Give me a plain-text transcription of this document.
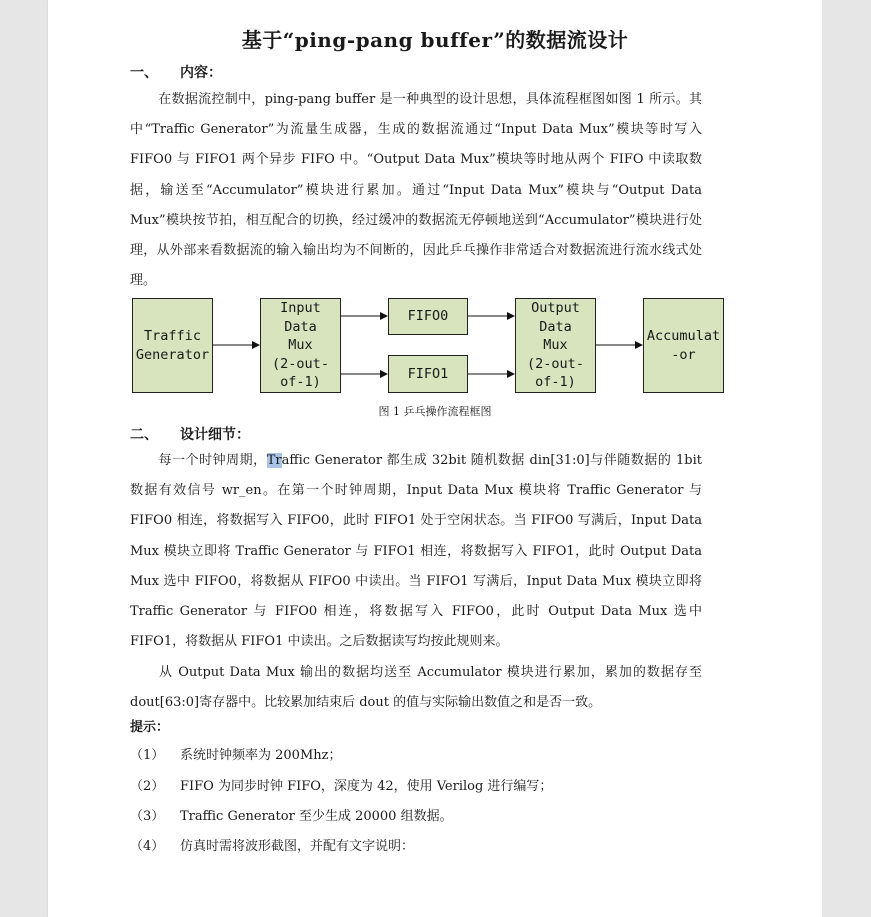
基于“ping-pang buffer”的数据流设计
一、 内容：
在数据流控制中，ping-pang buffer 是一种典型的设计思想，具体流程框图如图 1 所示。其中“Traffic Generator”为流量生成器，生成的数据流通过“Input Data Mux”模块等时写入 FIFO0 与 FIFO1 两个异步 FIFO 中。“Output Data Mux”模块等时地从两个 FIFO 中读取数据，输送至“Accumulator”模块进行累加。通过“Input Data Mux”模块与“Output Data Mux”模块按节拍，相互配合的切换，经过缓冲的数据流无停顿地送到“Accumulator”模块进行处理，从外部来看数据流的输入输出均为不间断的，因此乒乓操作非常适合对数据流进行流水线式处理。
Traffic
Generator
Input
Data
Mux
(2-out-
of-1)
FIFO0
FIFO1
Output
Data
Mux
(2-out-
of-1)
Accumulat
-or
图 1 乒乓操作流程框图
二、 设计细节：
每一个时钟周期，Traffic Generator 都生成 32bit 随机数据 din[31:0]与伴随数据的 1bit 数据有效信号 wr_en。在第一个时钟周期，Input Data Mux 模块将 Traffic Generator 与 FIFO0 相连，将数据写入 FIFO0，此时 FIFO1 处于空闲状态。当 FIFO0 写满后，Input Data Mux 模块立即将 Traffic Generator 与 FIFO1 相连，将数据写入 FIFO1，此时 Output Data Mux 选中 FIFO0，将数据从 FIFO0 中读出。当 FIFO1 写满后，Input Data Mux 模块立即将 Traffic Generator 与 FIFO0 相连，将数据写入 FIFO0，此时 Output Data Mux 选中 FIFO1，将数据从 FIFO1 中读出。之后数据读写均按此规则来。
从 Output Data Mux 输出的数据均送至 Accumulator 模块进行累加，累加的数据存至 dout[63:0]寄存器中。比较累加结束后 dout 的值与实际输出数值之和是否一致。
提示：
（1） 系统时钟频率为 200Mhz；
（2） FIFO 为同步时钟 FIFO，深度为 42，使用 Verilog 进行编写；
（3） Traffic Generator 至少生成 20000 组数据。
（4） 仿真时需将波形截图，并配有文字说明：
